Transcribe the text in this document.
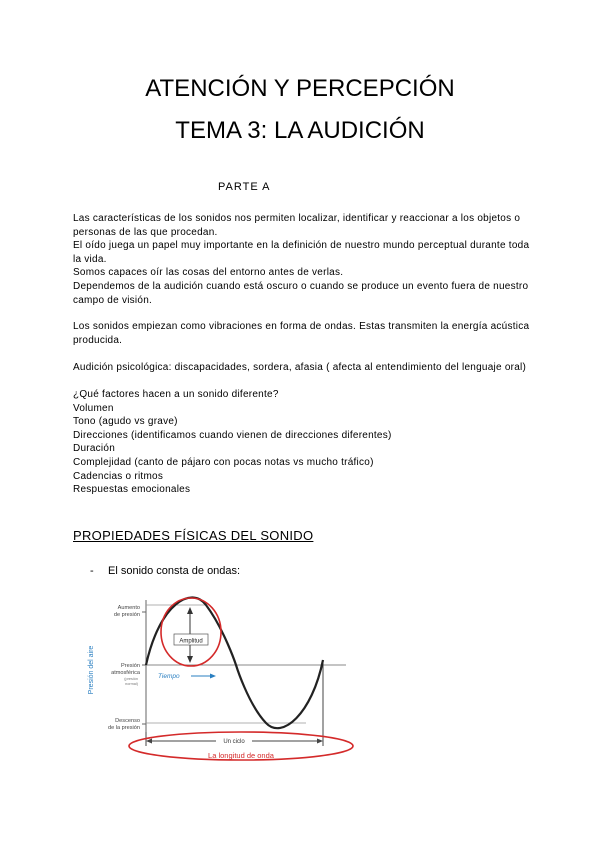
ATENCIÓN Y PERCEPCIÓN
TEMA 3: LA AUDICIÓN
PARTE A

Las características de los sonidos nos permiten localizar, identificar y reaccionar a los objetos o personas de las que procedan.

El oído juega un papel muy importante en la definición de nuestro mundo perceptual durante toda la vida.

Somos capaces oír las cosas del entorno antes de verlas.

Dependemos de la audición cuando está oscuro o cuando se produce un evento fuera de nuestro campo de visión.

Los sonidos empiezan como vibraciones en forma de ondas. Estas transmiten la energía acústica producida.

Audición psicológica: discapacidades, sordera, afasia ( afecta al entendimiento del lenguaje oral)

¿Qué factores hacen a un sonido diferente?

Volumen

Tono (agudo vs grave)

Direcciones (identificamos cuando vienen de direcciones diferentes)

Duración

Complejidad (canto de pájaro con pocas notas vs mucho tráfico)

Cadencias o ritmos

Respuestas emocionales

PROPIEDADES FÍSICAS DEL SONIDO
- El sonido consta de ondas:
Amplitud
Tiempo
Un ciclo
La longitud de onda
Aumento
de presión
Presión
atmosférica
(presión
normal)
Descenso
de la presión
Presión del aire
